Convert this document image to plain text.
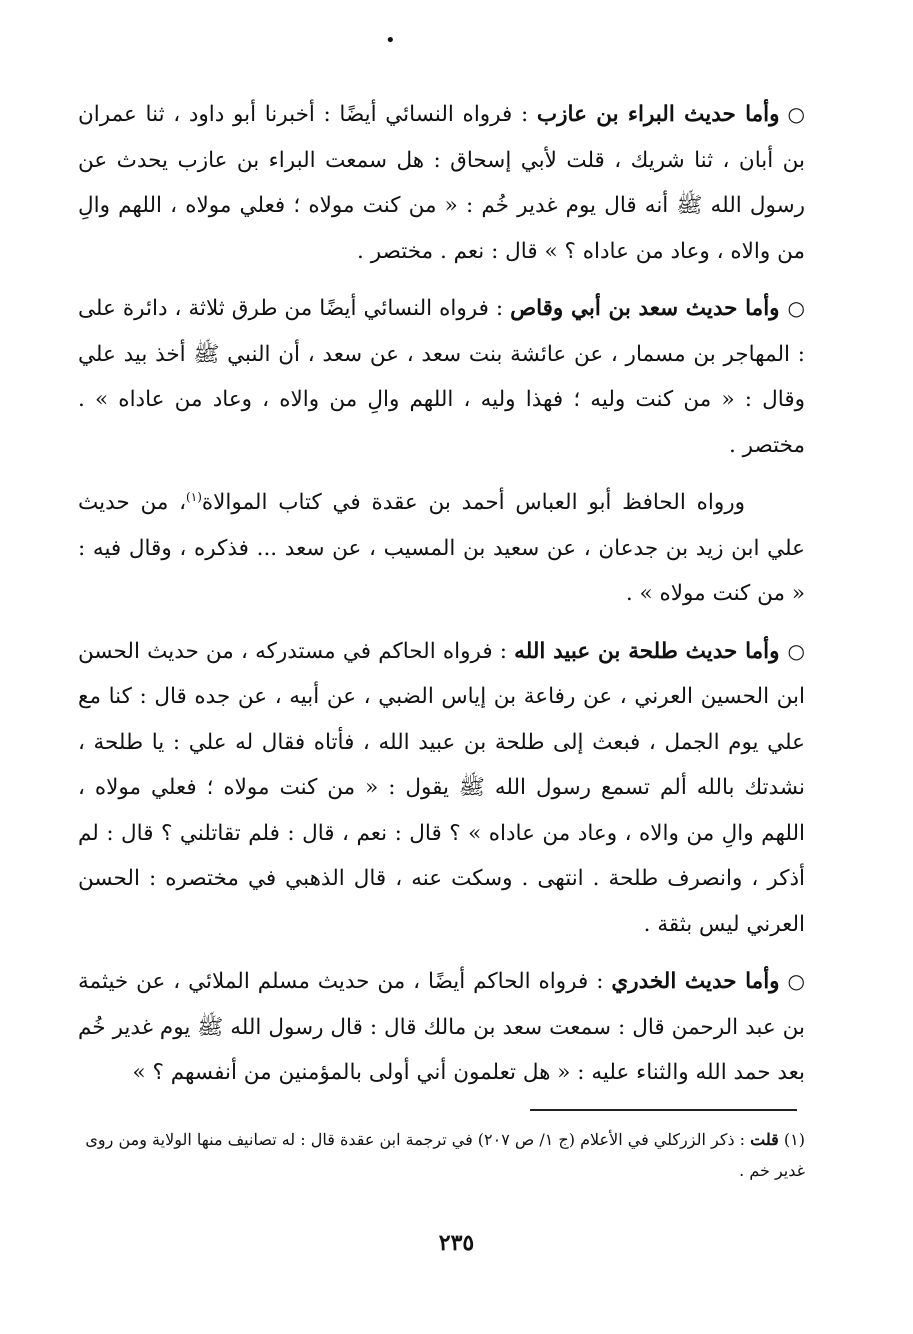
•

○وأما حديث البراء بن عازب : فرواه النسائي أيضًا : أخبرنا أبو داود ، ثنا عمران بن أبان ، ثنا شريك ، قلت لأبي إسحاق : هل سمعت البراء بن عازب يحدث عن رسول الله ﷺ أنه قال يوم غدير خُم : « من كنت مولاه ؛ فعلي مولاه ، اللهم والِ من والاه ، وعاد من عاداه ؟ » قال : نعم . مختصر .

○وأما حديث سعد بن أبي وقاص : فرواه النسائي أيضًا من طرق ثلاثة ، دائرة على : المهاجر بن مسمار ، عن عائشة بنت سعد ، عن سعد ، أن النبي ﷺ أخذ بيد علي وقال : « من كنت وليه ؛ فهذا وليه ، اللهم والِ من والاه ، وعاد من عاداه » . مختصر .

ورواه الحافظ أبو العباس أحمد بن عقدة في كتاب الموالاة$^{(١)}$، من حديث علي ابن زيد بن جدعان ، عن سعيد بن المسيب ، عن سعد ... فذكره ، وقال فيه : « من كنت مولاه » .

○وأما حديث طلحة بن عبيد الله : فرواه الحاكم في مستدركه ، من حديث الحسن ابن الحسين العرني ، عن رفاعة بن إياس الضبي ، عن أبيه ، عن جده قال : كنا مع علي يوم الجمل ، فبعث إلى طلحة بن عبيد الله ، فأتاه فقال له علي : يا طلحة ، نشدتك بالله ألم تسمع رسول الله ﷺ يقول : « من كنت مولاه ؛ فعلي مولاه ، اللهم والِ من والاه ، وعاد من عاداه » ؟ قال : نعم ، قال : فلم تقاتلني ؟ قال : لم أذكر ، وانصرف طلحة . انتهى . وسكت عنه ، قال الذهبي في مختصره : الحسن العرني ليس بثقة .

○وأما حديث الخدري : فرواه الحاكم أيضًا ، من حديث مسلم الملائي ، عن خيثمة بن عبد الرحمن قال : سمعت سعد بن مالك قال : قال رسول الله ﷺ يوم غدير خُم بعد حمد الله والثناء عليه : « هل تعلمون أني أولى بالمؤمنين من أنفسهم ؟ »

(١) قلت : ذكر الزركلي في الأعلام (ج ١/ ص ٢٠٧) في ترجمة ابن عقدة قال : له تصانيف منها الولاية ومن روى غدير خم .
٢٣٥
